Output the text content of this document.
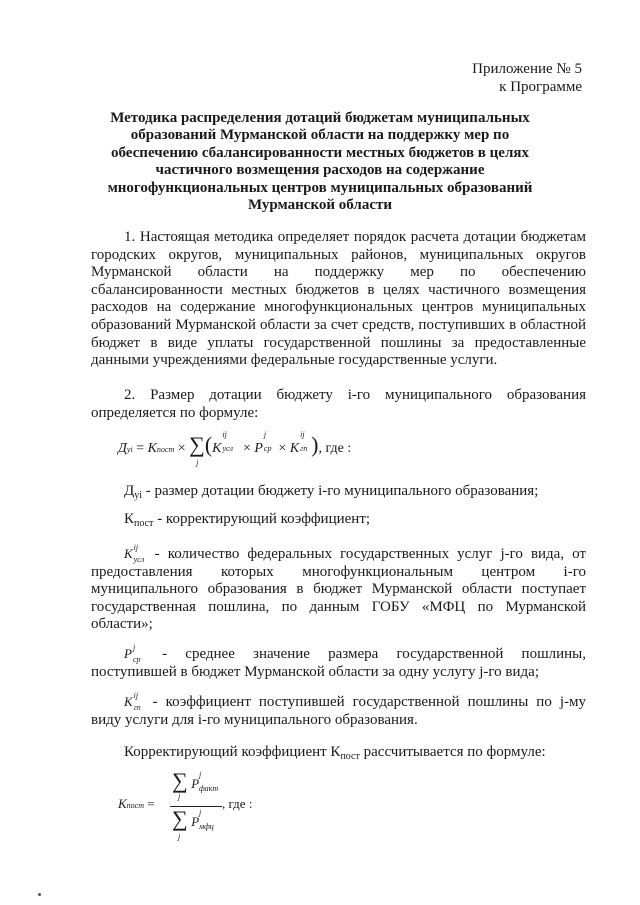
Приложение № 5
к Программе
Методика распределения дотаций бюджетам муниципальных образований Мурманской области на поддержку мер по обеспечению сбалансированности местных бюджетов в целях частичного возмещения расходов на содержание многофункциональных центров муниципальных образований Мурманской области

1. Настоящая методика определяет порядок расчета дотации бюджетам городских округов, муниципальных районов, муниципальных округов Мурманской области на поддержку мер по обеспечению сбалансированности местных бюджетов в целях частичного возмещения расходов на содержание многофункциональных центров муниципальных образований Мурманской области за счет средств, поступивших в областной бюджет в виде уплаты государственной пошлины за предоставленные данными учреждениями федеральные государственные услуги.

2. Размер дотации бюджету i-го муниципального образования определяется по формуле:

Дуi = Кпост × ∑
j
(К
ij
усл × Р
j
ср × К
ij
гп ), где :
$Д_{уi}$ - размер дотации бюджету i-го муниципального образования;
$К_{пост}$ - корректирующий коэффициент;
К ij
усл - количество федеральных государственных услуг j-го вида, от предоставления которых многофункциональным центром i-го муниципального образования в бюджет Мурманской области поступает государственная пошлина, по данным ГОБУ «МФЦ по Мурманской области»;
Р j
ср - среднее значение размера государственной пошлины, поступившей в бюджет Мурманской области за одну услугу j-го вида;
К ij
гп - коэффициент поступившей государственной пошлины по j-му виду услуги для i-го муниципального образования.
Корректирующий коэффициент $К_{пост}$ рассчитывается по формуле:
Кпост =
∑ Р
j
факт
j
∑ Р
j
мфц
j
, где :
